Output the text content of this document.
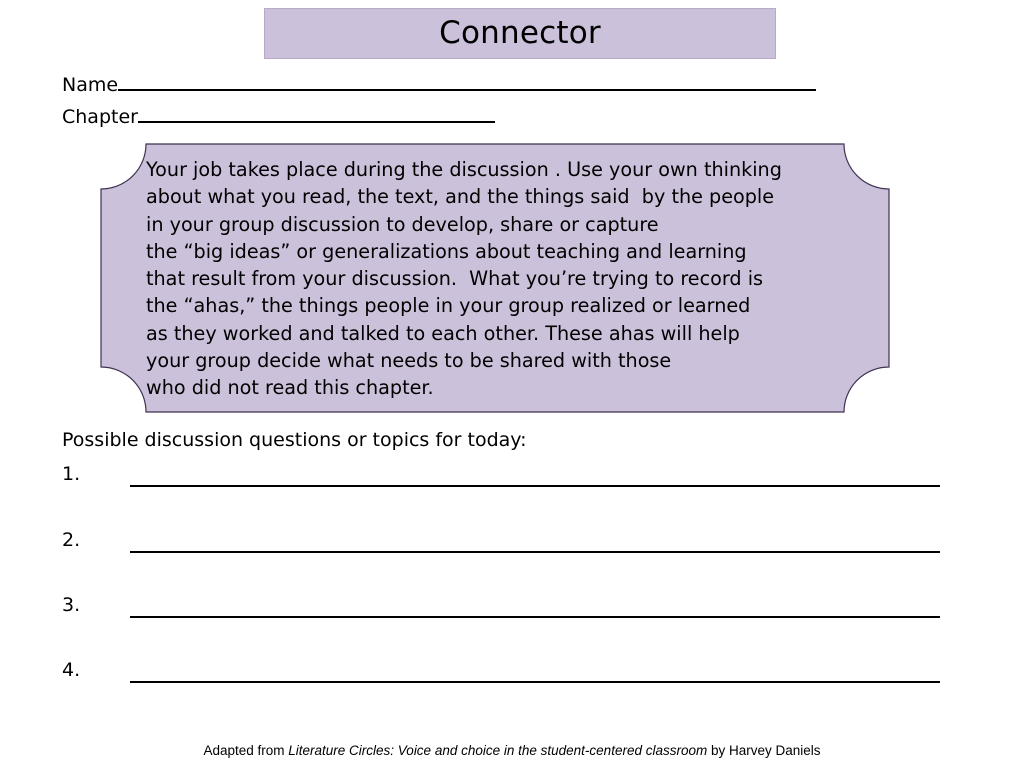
Connector
Name
Chapter
Your job takes place during the discussion . Use your own thinking
about what you read, the text, and the things said  by the people
in your group discussion to develop, share or capture
the “big ideas” or generalizations about teaching and learning
that result from your discussion.  What you’re trying to record is
the “ahas,” the things people in your group realized or learned
as they worked and talked to each other. These ahas will help
your group decide what needs to be shared with those
who did not read this chapter.
Possible discussion questions or topics for today:
1.
2.
3.
4.
Adapted from Literature Circles: Voice and choice in the student-centered classroom by Harvey Daniels
